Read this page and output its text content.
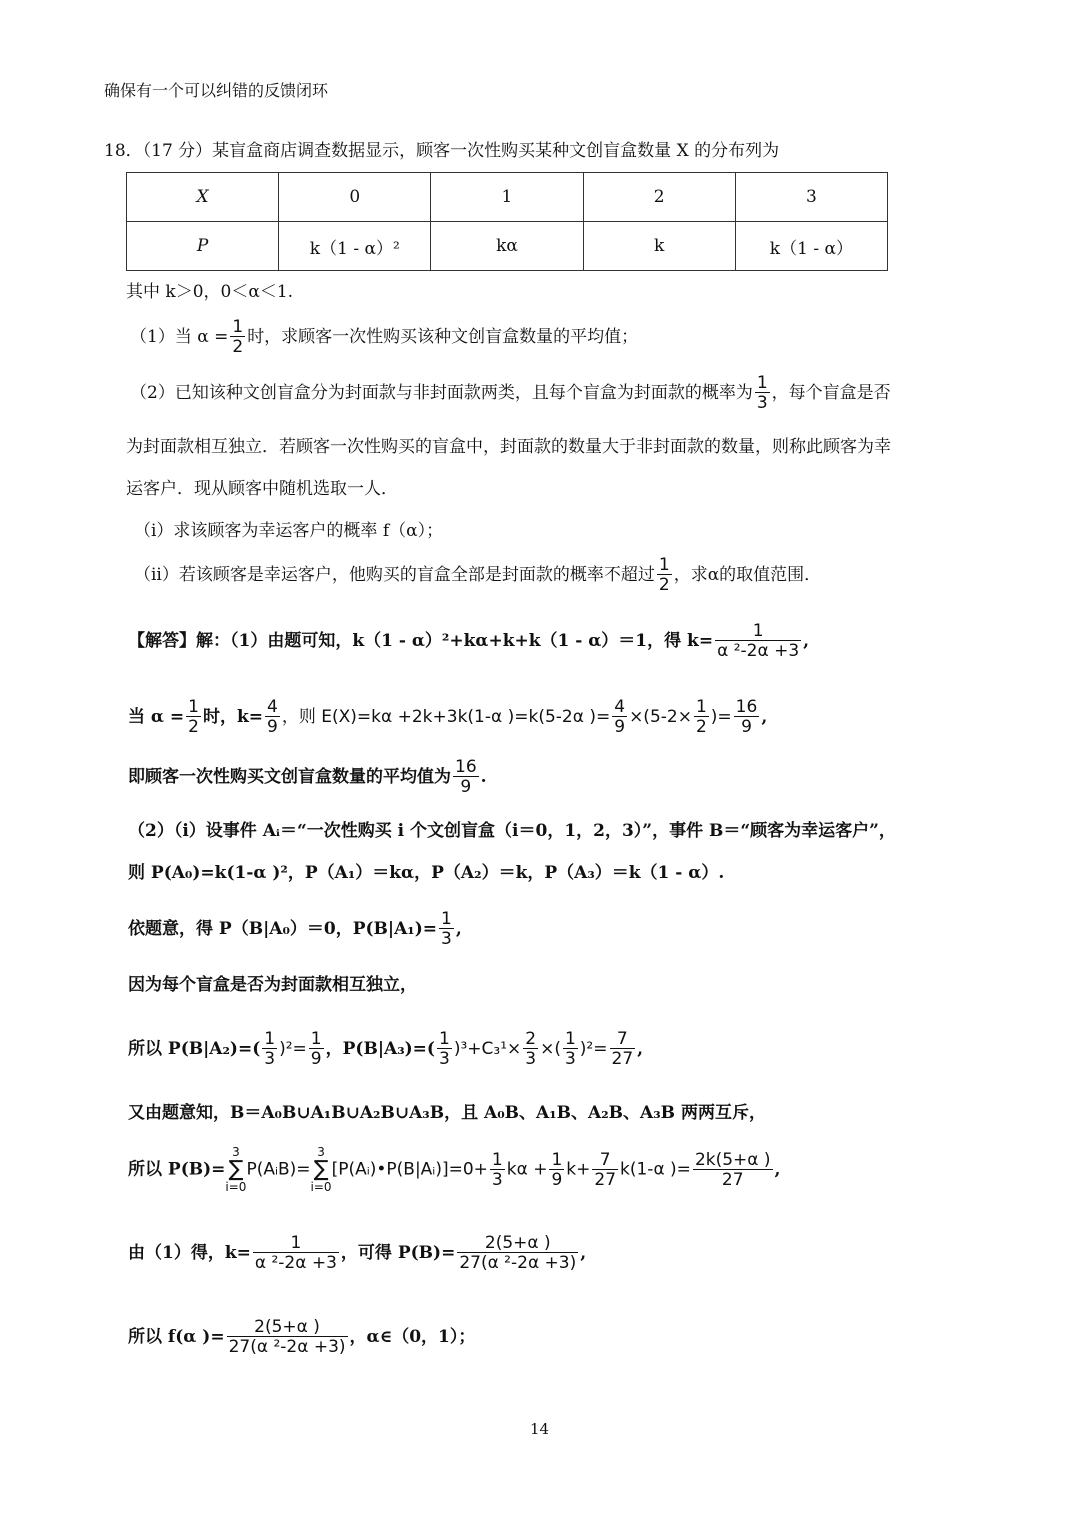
确保有一个可以纠错的反馈闭环
18．（17 分）某盲盒商店调查数据显示，顾客一次性购买某种文创盲盒数量 X 的分布列为
X	0	1	2	3
P	k（1 - α）²	kα	k	k（1 - α）
其中 k＞0，0＜α＜1.
（1）当 $\alpha = \frac{1}{2}$ 时，求顾客一次性购买该种文创盲盒数量的平均值；
（2）已知该种文创盲盒分为封面款与非封面款两类，且每个盲盒为封面款的概率为 $\frac{1}{3}$ ，每个盲盒是否
为封面款相互独立．若顾客一次性购买的盲盒中，封面款的数量大于非封面款的数量，则称此顾客为幸
运客户．现从顾客中随机选取一人．
（i）求该顾客为幸运客户的概率 f（α）；
（ii）若该顾客是幸运客户，他购买的盲盒全部是封面款的概率不超过 $\frac{1}{2}$ ，求α的取值范围．
【解答】解：（1）由题可知，k（1 - α）²+kα+k+k（1 - α）＝1，得 $k= \frac{1}{\text{α ²-2α +3}}$ ,
当 $\alpha = \frac{1}{2}$ 时，$k= \frac{4}{9}$ ，则 E(X)=kα +2k+3k(1-α )=k(5-2α )= $\frac{4}{9} \times(5-2\times \frac{1}{2}$ )= $\frac{16}{9}$ ,
即顾客一次性购买文创盲盒数量的平均值为 $\frac{16}{9}$ .
（2）（i）设事件 Aᵢ＝“一次性购买 i 个文创盲盒（i＝0，1，2，3）”，事件 B＝“顾客为幸运客户”，
则 P(A₀)=k(1-α )²，P（A₁）＝kα，P（A₂）＝k，P（A₃）＝k（1 - α）.
依题意，得 P（B|A₀）＝0，$P(B|A_1)= \frac{1}{3}$ ,
因为每个盲盒是否为封面款相互独立，
所以 $P(B|A_2)=( \frac{1}{3} )^2= \frac{1}{9}$ ，$P(B|A_3)=( \frac{1}{3} )^3+C_3^1\times \frac{2}{3}$ ×( $\frac{1}{3} )^2= \frac{7}{27}$ ,
又由题意知，B＝A₀B∪A₁B∪A₂B∪A₃B，且 A₀B、A₁B、A₂B、A₃B 两两互斥，
所以 P(B)=
3
∑
i=0
P(AᵢB)=
3
∑
i=0
[P(Aᵢ)•P(B|Aᵢ)]=0+ $\frac{1}{3}$ $k\alpha + \frac{1}{9} k+ \frac{7}{27} k(1-\alpha$ )= $\frac{2k(5+\alpha )}{27}$ ,
由（1）得，$k= \frac{1}{\text{α ²-2α +3}}$ ，可得 $P(B)= \frac{2(5+\alpha )}{\text{27(α ²-2α +3)}}$ ,
所以 f(α )= $\frac{2(5+\alpha )}{\text{27(α ²-2α +3)}}$ ，α∈（0，1）；
14
